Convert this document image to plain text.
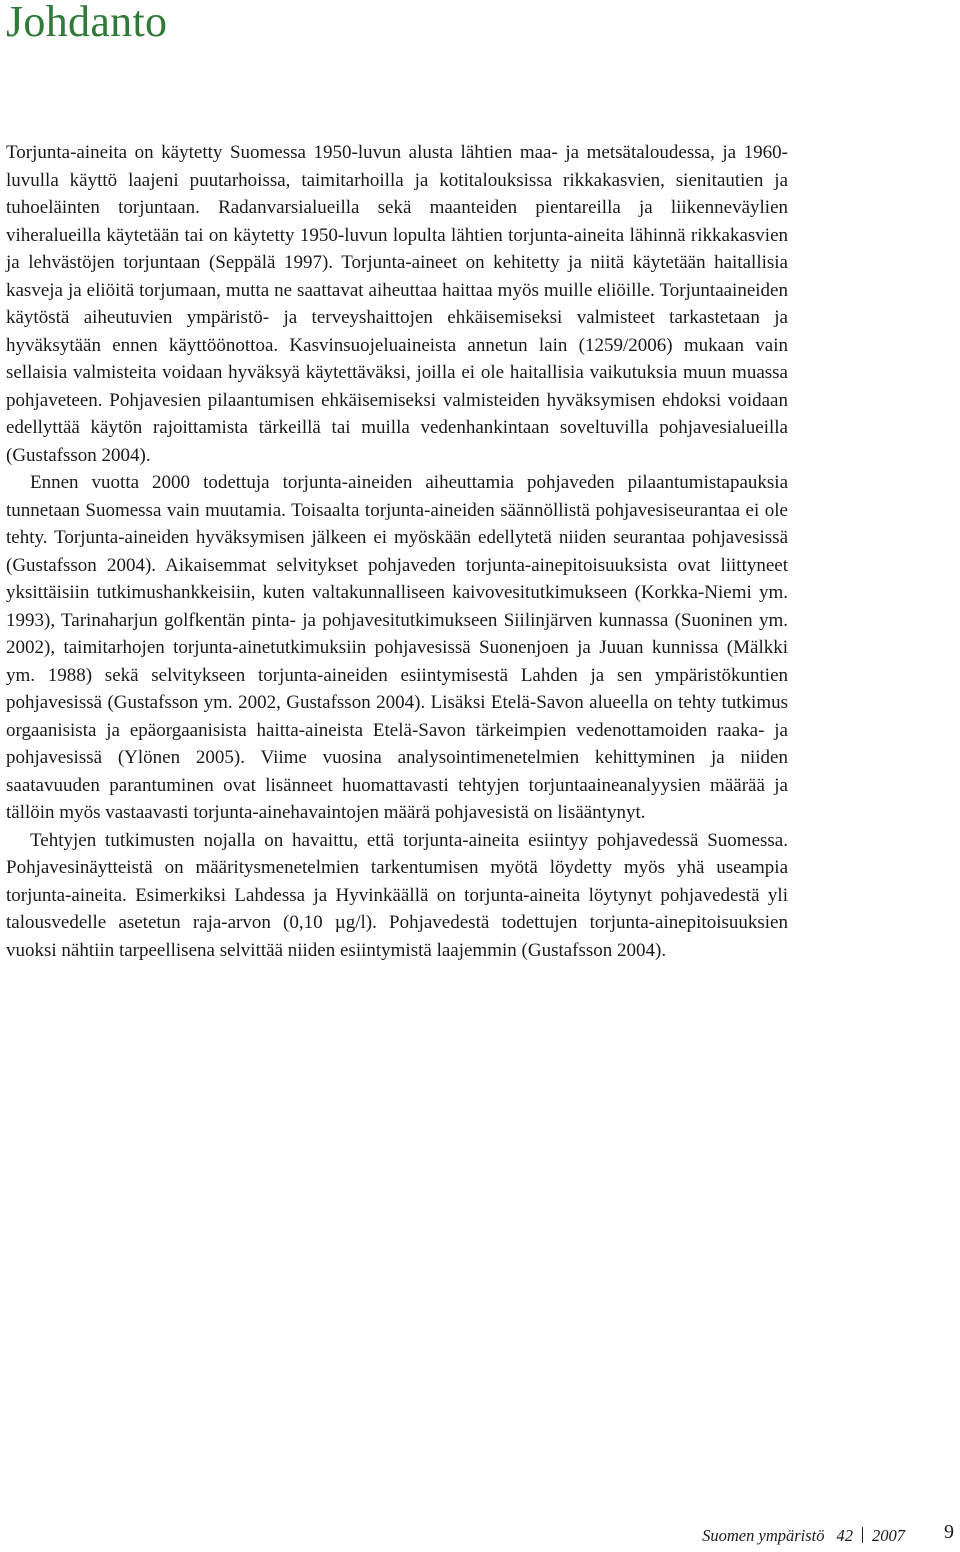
Johdanto

Torjunta-aineita on käytetty Suomessa 1950-luvun alusta lähtien maa- ja metsätaloudessa, ja 1960-luvulla käyttö laajeni puutarhoissa, taimitarhoilla ja kotitalouksissa rikkakasvien, sienitautien ja tuhoeläinten torjuntaan. Radanvarsialueilla sekä maanteiden pientareilla ja liikenneväylien viheralueilla käytetään tai on käytetty 1950-luvun lopulta lähtien torjunta-aineita lähinnä rikkakasvien ja lehvästöjen torjuntaan (Seppälä 1997). Torjunta-aineet on kehitetty ja niitä käytetään haitallisia kasveja ja eliöitä torjumaan, mutta ne saattavat aiheuttaa haittaa myös muille eliöille. Torjuntaaineiden käytöstä aiheutuvien ympäristö- ja terveyshaittojen ehkäisemiseksi valmisteet tarkastetaan ja hyväksytään ennen käyttöönottoa. Kasvinsuojeluaineista annetun lain (1259/2006) mukaan vain sellaisia valmisteita voidaan hyväksyä käytettäväksi, joilla ei ole haitallisia vaikutuksia muun muassa pohjaveteen. Pohjavesien pilaantumisen ehkäisemiseksi valmisteiden hyväksymisen ehdoksi voidaan edellyttää käytön rajoittamista tärkeillä tai muilla vedenhankintaan soveltuvilla pohjavesialueilla (Gustafsson 2004).

Ennen vuotta 2000 todettuja torjunta-aineiden aiheuttamia pohjaveden pilaantumistapauksia tunnetaan Suomessa vain muutamia. Toisaalta torjunta-aineiden säännöllistä pohjavesiseurantaa ei ole tehty. Torjunta-aineiden hyväksymisen jälkeen ei myöskään edellytetä niiden seurantaa pohjavesissä (Gustafsson 2004). Aikaisemmat selvitykset pohjaveden torjunta-ainepitoisuuksista ovat liittyneet yksittäisiin tutkimushankkeisiin, kuten valtakunnalliseen kaivovesitutkimukseen (Korkka-Niemi ym. 1993), Tarinaharjun golfkentän pinta- ja pohjavesitutkimukseen Siilinjärven kunnassa (Suoninen ym. 2002), taimitarhojen torjunta-ainetutkimuksiin pohjavesissä Suonenjoen ja Juuan kunnissa (Mälkki ym. 1988) sekä selvitykseen torjunta-aineiden esiintymisestä Lahden ja sen ympäristökuntien pohjavesissä (Gustafsson ym. 2002, Gustafsson 2004). Lisäksi Etelä-Savon alueella on tehty tutkimus orgaanisista ja epäorgaanisista haitta-aineista Etelä-Savon tärkeimpien vedenottamoiden raaka- ja pohjavesissä (Ylönen 2005). Viime vuosina analysointimenetelmien kehittyminen ja niiden saatavuuden parantuminen ovat lisänneet huomattavasti tehtyjen torjuntaaineanalyysien määrää ja tällöin myös vastaavasti torjunta-ainehavaintojen määrä pohjavesistä on lisääntynyt.

Tehtyjen tutkimusten nojalla on havaittu, että torjunta-aineita esiintyy pohjavedessä Suomessa. Pohjavesinäytteistä on määritysmenetelmien tarkentumisen myötä löydetty myös yhä useampia torjunta-aineita. Esimerkiksi Lahdessa ja Hyvinkäällä on torjunta-aineita löytynyt pohjavedestä yli talousvedelle asetetun raja-arvon (0,10 µg/l). Pohjavedestä todettujen torjunta-ainepitoisuuksien vuoksi nähtiin tarpeellisena selvittää niiden esiintymistä laajemmin (Gustafsson 2004).

Suomen ympäristö 42 2007 9
